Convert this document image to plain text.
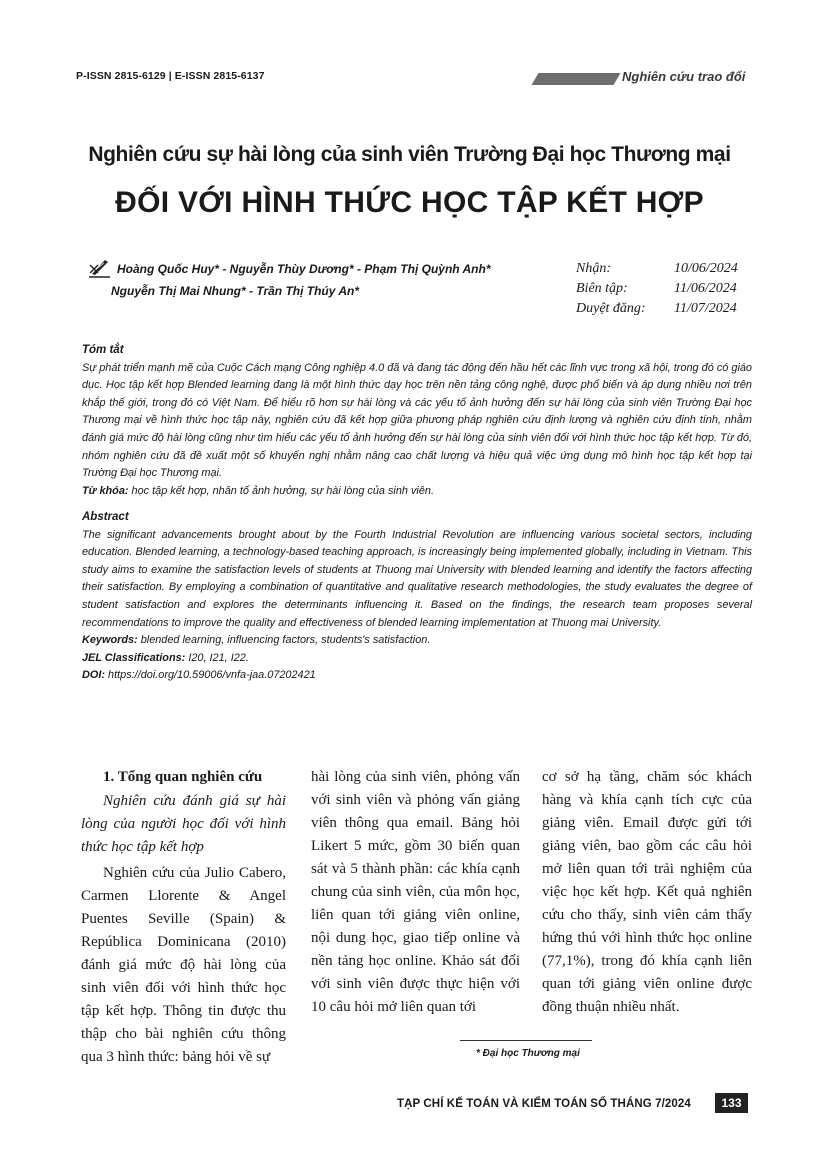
P-ISSN 2815-6129 | E-ISSN 2815-6137	Nghiên cứu trao đổi
Nghiên cứu sự hài lòng của sinh viên Trường Đại học Thương mại
ĐỐI VỚI HÌNH THỨC HỌC TẬP KẾT HỢP
Hoàng Quốc Huy* - Nguyễn Thùy Dương* - Phạm Thị Quỳnh Anh*
Nguyễn Thị Mai Nhung* - Trần Thị Thúy An*
Nhận:	10/06/2024
Biên tập:	11/06/2024
Duyệt đăng:	11/07/2024
Tóm tắt
Sự phát triển mạnh mẽ của Cuộc Cách mạng Công nghiệp 4.0 đã và đang tác động đến hầu hết các lĩnh vực trong xã hội, trong đó có giáo dục. Học tập kết hợp Blended learning đang là một hình thức dạy học trên nền tảng công nghệ, được phổ biến và áp dụng nhiều nơi trên khắp thế giới, trong đó có Việt Nam. Để hiểu rõ hơn sự hài lòng và các yếu tố ảnh hưởng đến sự hài lòng của sinh viên Trường Đại học Thương mại về hình thức học tập này, nghiên cứu đã kết hợp giữa phương pháp nghiên cứu định lượng và nghiên cứu định tính, nhằm đánh giá mức độ hài lòng cũng như tìm hiểu các yếu tố ảnh hưởng đến sự hài lòng của sinh viên đối với hình thức học tập kết hợp. Từ đó, nhóm nghiên cứu đã đề xuất một số khuyến nghị nhằm nâng cao chất lượng và hiệu quả việc ứng dụng mô hình học tập kết hợp tại Trường Đại học Thương mại.
Từ khóa: học tập kết hợp, nhân tố ảnh hưởng, sự hài lòng của sinh viên.
Abstract
The significant advancements brought about by the Fourth Industrial Revolution are influencing various societal sectors, including education. Blended learning, a technology-based teaching approach, is increasingly being implemented globally, including in Vietnam. This study aims to examine the satisfaction levels of students at Thuong mai University with blended learning and identify the factors affecting their satisfaction. By employing a combination of quantitative and qualitative research methodologies, the study evaluates the degree of student satisfaction and explores the determinants influencing it. Based on the findings, the research team proposes several recommendations to improve the quality and effectiveness of blended learning implementation at Thuong mai University.
Keywords: blended learning, influencing factors, students's satisfaction.
JEL Classifications: I20, I21, I22.
DOI: https://doi.org/10.59006/vnfa-jaa.07202421

1. Tổng quan nghiên cứu

Nghiên cứu đánh giá sự hài lòng của người học đối với hình thức học tập kết hợp

Nghiên cứu của Julio Cabero, Carmen Llorente & Angel Puentes Seville (Spain) & República Dominicana (2010) đánh giá mức độ hài lòng của sinh viên đối với hình thức học tập kết hợp. Thông tin được thu thập cho bài nghiên cứu thông qua 3 hình thức: bảng hỏi về sự

hài lòng của sinh viên, phỏng vấn với sinh viên và phỏng vấn giảng viên thông qua email. Bảng hỏi Likert 5 mức, gồm 30 biến quan sát và 5 thành phần: các khía cạnh chung của sinh viên, của môn học, liên quan tới giảng viên online, nội dung học, giao tiếp online và nền tảng học online. Khảo sát đối với sinh viên được thực hiện với 10 câu hỏi mở liên quan tới

cơ sở hạ tầng, chăm sóc khách hàng và khía cạnh tích cực của giảng viên. Email được gửi tới giảng viên, bao gồm các câu hỏi mở liên quan tới trải nghiệm của việc học kết hợp. Kết quả nghiên cứu cho thấy, sinh viên cảm thấy hứng thú với hình thức học online (77,1%), trong đó khía cạnh liên quan tới giảng viên online được đồng thuận nhiều nhất.

* Đại học Thương mại
TẠP CHÍ KẾ TOÁN VÀ KIỂM TOÁN SỐ THÁNG 7/2024	133
